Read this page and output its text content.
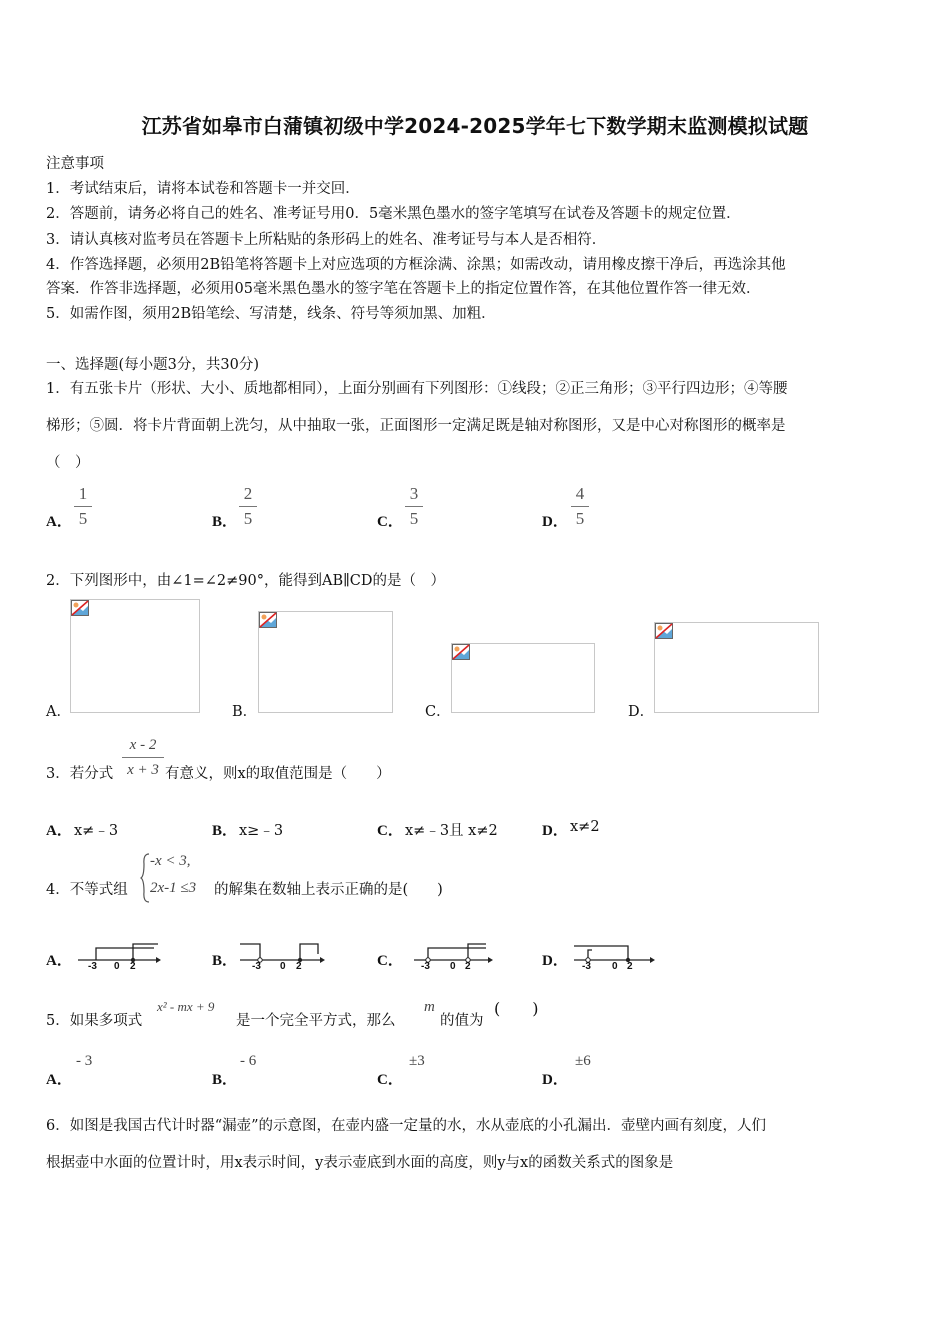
江苏省如皋市白蒲镇初级中学2024-2025学年七下数学期末监测模拟试题
注意事项
1．考试结束后，请将本试卷和答题卡一并交回．
2．答题前，请务必将自己的姓名、准考证号用0．5毫米黑色墨水的签字笔填写在试卷及答题卡的规定位置．
3．请认真核对监考员在答题卡上所粘贴的条形码上的姓名、准考证号与本人是否相符．
4．作答选择题，必须用2B铅笔将答题卡上对应选项的方框涂满、涂黑；如需改动，请用橡皮擦干净后，再选涂其他
答案．作答非选择题，必须用05毫米黑色墨水的签字笔在答题卡上的指定位置作答，在其他位置作答一律无效．
5．如需作图，须用2B铅笔绘、写清楚，线条、符号等须加黑、加粗．
一、选择题(每小题3分，共30分)
1．有五张卡片（形状、大小、质地都相同），上面分别画有下列图形：①线段；②正三角形；③平行四边形；④等腰
梯形；⑤圆．将卡片背面朝上洗匀，从中抽取一张，正面图形一定满足既是轴对称图形，又是中心对称图形的概率是
（　）
A．
1
5	B．
2
5	C．
3
5	D．
4
5
2．下列图形中，由∠1=∠2≠90°，能得到AB∥CD的是（　）
A．	B．	C．	D．
3．若分式
x - 2
x + 3 有意义，则x的取值范围是（　　）
A． x≠﹣3	B． x≥﹣3	C． x≠﹣3且 x≠2	D． x≠2
4．不等式组
-x < 3,
2x-1 ≤3 的解集在数轴上表示正确的是(　　)
A． -3 0 2	B． -3 0 2	C． -3 0 2	D． -3 0 2
5．如果多项式
x² - mx + 9
是一个完全平方式，那么
m
的值为
(　　)
A．
- 3
B．
- 6
C．
±3
D．
±6
6．如图是我国古代计时器“漏壶”的示意图，在壶内盛一定量的水，水从壶底的小孔漏出．壶壁内画有刻度，人们
根据壶中水面的位置计时，用x表示时间，y表示壶底到水面的高度，则y与x的函数关系式的图象是
